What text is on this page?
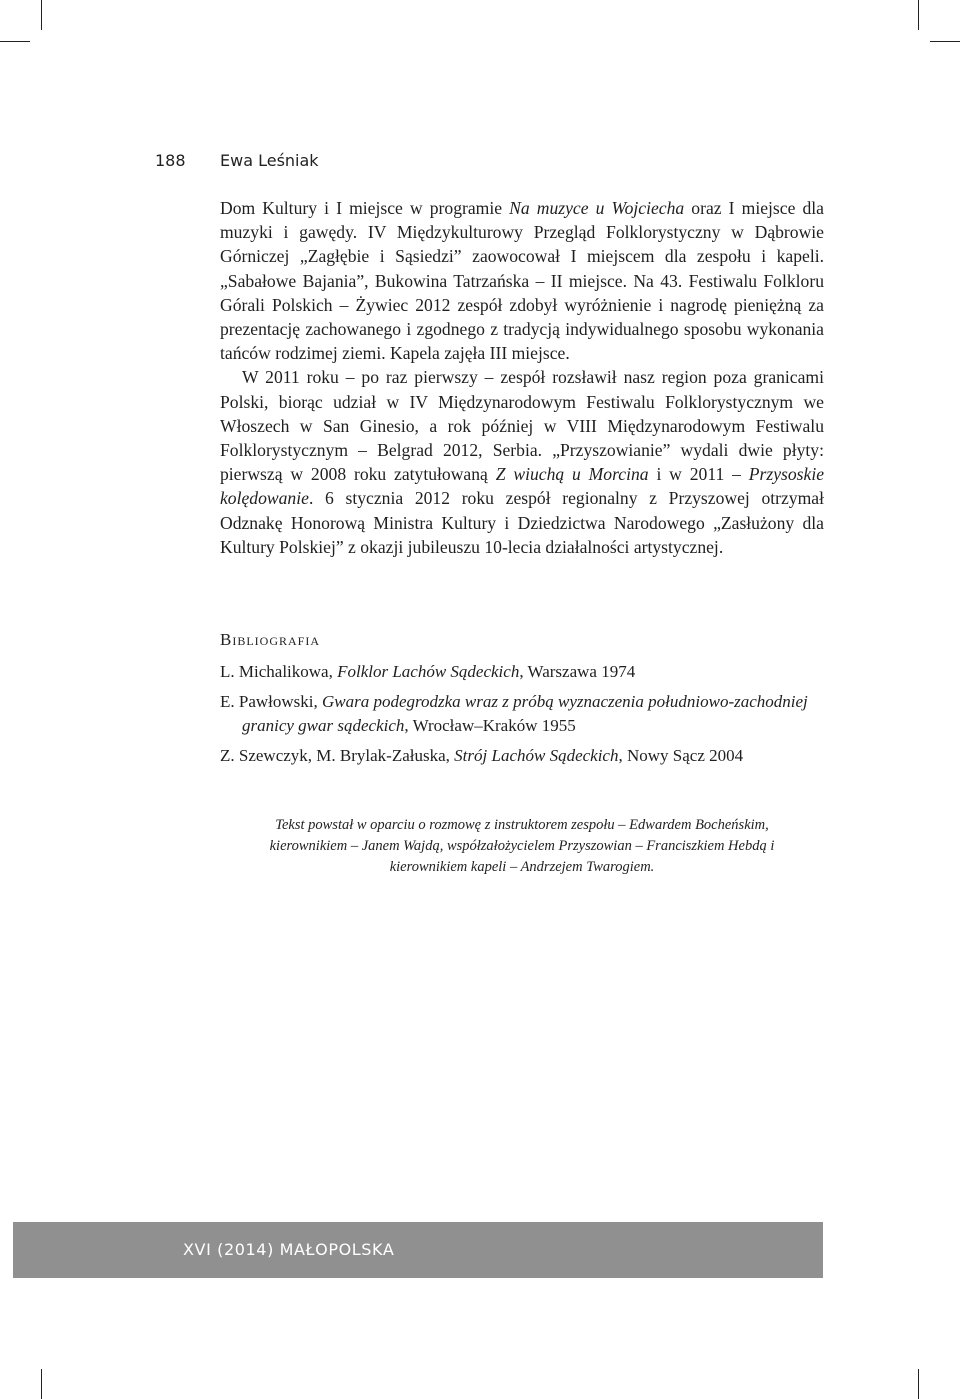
188 Ewa Leśniak

Dom Kultury i I miejsce w programie Na muzyce u Wojciecha oraz I miejsce dla muzyki i gawędy. IV Międzykulturowy Przegląd Folklorystyczny w Dąbrowie Górniczej „Zagłębie i Sąsiedzi” zaowocował I miejscem dla zespołu i kapeli. „Sabałowe Bajania”, Bukowina Tatrzańska – II miejsce. Na 43. Festiwalu Folkloru Górali Polskich – Żywiec 2012 zespół zdobył wyróżnienie i nagrodę pieniężną za prezentację zachowanego i zgodnego z tradycją indywidualnego sposobu wykonania tańców rodzimej ziemi. Kapela zajęła III miejsce.

W 2011 roku – po raz pierwszy – zespół rozsławił nasz region poza granicami Polski, biorąc udział w IV Międzynarodowym Festiwalu Folklorystycznym we Włoszech w San Ginesio, a rok później w VIII Międzynarodowym Festiwalu Folklorystycznym – Belgrad 2012, Serbia. „Przyszowianie” wydali dwie płyty: pierwszą w 2008 roku zatytułowaną Z wiuchą u Morcina i w 2011 – Przysoskie kolędowanie. 6 stycznia 2012 roku zespół regionalny z Przyszowej otrzymał Odznakę Honorową Ministra Kultury i Dziedzictwa Narodowego „Zasłużony dla Kultury Polskiej” z okazji jubileuszu 10-lecia działalności artystycznej.

Bibliografia
L. Michalikowa, Folklor Lachów Sądeckich, Warszawa 1974
E. Pawłowski, Gwara podegrodzka wraz z próbą wyznaczenia południowo-zachodniej granicy gwar sądeckich, Wrocław–Kraków 1955
Z. Szewczyk, M. Brylak-Załuska, Strój Lachów Sądeckich, Nowy Sącz 2004
Tekst powstał w oparciu o rozmowę z instruktorem zespołu – Edwardem Bocheńskim, kierownikiem – Janem Wajdą, współzałożycielem Przyszowian – Franciszkiem Hebdą i kierownikiem kapeli – Andrzejem Twarogiem.
XVI (2014) MAŁOPOLSKA
